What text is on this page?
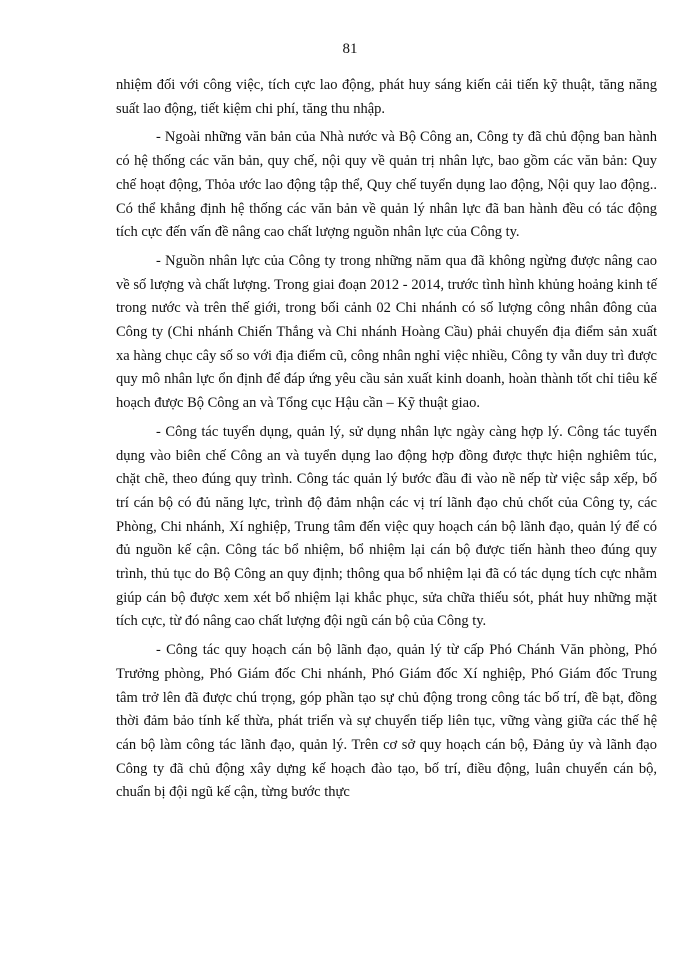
81

nhiệm đối với công việc, tích cực lao động, phát huy sáng kiến cải tiến kỹ thuật, tăng năng suất lao động, tiết kiệm chi phí, tăng thu nhập.

- Ngoài những văn bản của Nhà nước và Bộ Công an, Công ty đã chủ động ban hành có hệ thống các văn bản, quy chế, nội quy về quản trị nhân lực, bao gồm các văn bản: Quy chế hoạt động, Thỏa ước lao động tập thể, Quy chế tuyển dụng lao động, Nội quy lao động.. Có thể khẳng định hệ thống các văn bản về quản lý nhân lực đã ban hành đều có tác động tích cực đến vấn đề nâng cao chất lượng nguồn nhân lực của Công ty.

- Nguồn nhân lực của Công ty trong những năm qua đã không ngừng được nâng cao về số lượng và chất lượng. Trong giai đoạn 2012 - 2014, trước tình hình khủng hoảng kinh tế trong nước và trên thế giới, trong bối cảnh 02 Chi nhánh có số lượng công nhân đông của Công ty (Chi nhánh Chiến Thắng và Chi nhánh Hoàng Cầu) phải chuyển địa điểm sản xuất xa hàng chục cây số so với địa điểm cũ, công nhân nghỉ việc nhiều, Công ty vẫn duy trì được quy mô nhân lực ổn định để đáp ứng yêu cầu sản xuất kinh doanh, hoàn thành tốt chỉ tiêu kế hoạch được Bộ Công an và Tổng cục Hậu cần – Kỹ thuật giao.

- Công tác tuyển dụng, quản lý, sử dụng nhân lực ngày càng hợp lý. Công tác tuyển dụng vào biên chế Công an và tuyển dụng lao động hợp đồng được thực hiện nghiêm túc, chặt chẽ, theo đúng quy trình. Công tác quản lý bước đầu đi vào nề nếp từ việc sắp xếp, bố trí cán bộ có đủ năng lực, trình độ đảm nhận các vị trí lãnh đạo chủ chốt của Công ty, các Phòng, Chi nhánh, Xí nghiệp, Trung tâm đến việc quy hoạch cán bộ lãnh đạo, quản lý để có đủ nguồn kế cận. Công tác bổ nhiệm, bổ nhiệm lại cán bộ được tiến hành theo đúng quy trình, thủ tục do Bộ Công an quy định; thông qua bổ nhiệm lại đã có tác dụng tích cực nhằm giúp cán bộ được xem xét bổ nhiệm lại khắc phục, sửa chữa thiếu sót, phát huy những mặt tích cực, từ đó nâng cao chất lượng đội ngũ cán bộ của Công ty.

- Công tác quy hoạch cán bộ lãnh đạo, quản lý từ cấp Phó Chánh Văn phòng, Phó Trưởng phòng, Phó Giám đốc Chi nhánh, Phó Giám đốc Xí nghiệp, Phó Giám đốc Trung tâm trở lên đã được chú trọng, góp phần tạo sự chủ động trong công tác bố trí, đề bạt, đồng thời đảm bảo tính kế thừa, phát triển và sự chuyển tiếp liên tục, vững vàng giữa các thế hệ cán bộ làm công tác lãnh đạo, quản lý. Trên cơ sở quy hoạch cán bộ, Đảng ủy và lãnh đạo Công ty đã chủ động xây dựng kế hoạch đào tạo, bố trí, điều động, luân chuyển cán bộ, chuẩn bị đội ngũ kế cận, từng bước thực
